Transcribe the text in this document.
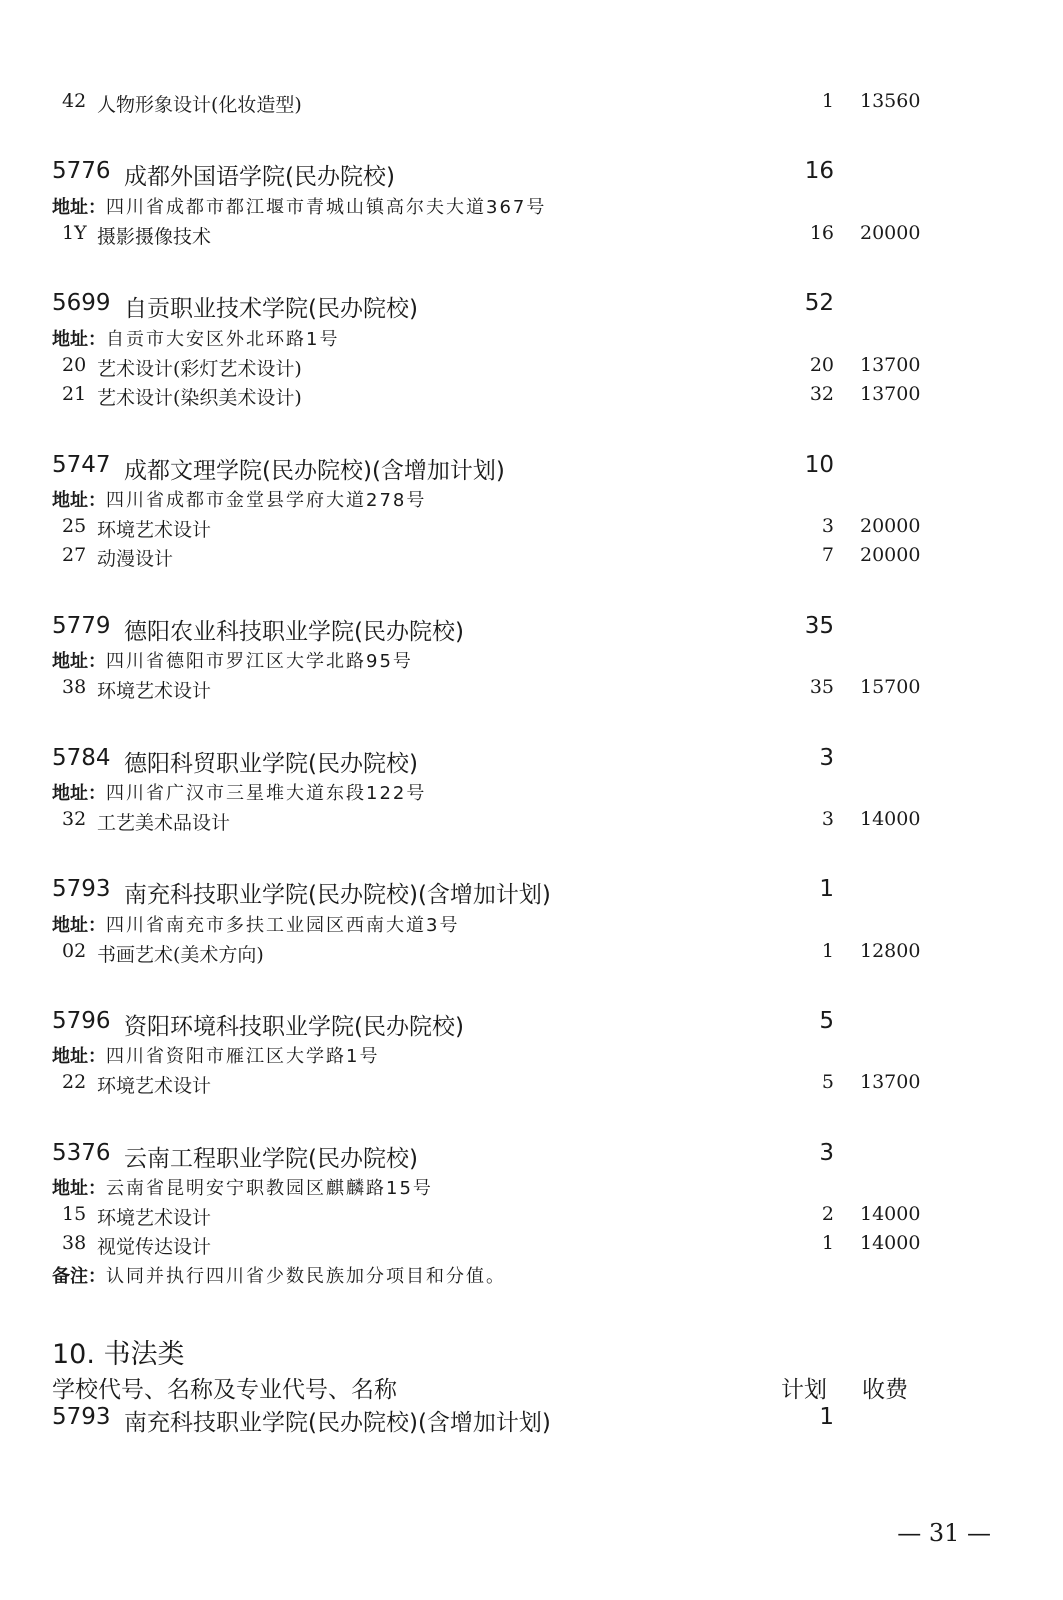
42 人物形象设计(化妆造型)	1 13560
5776 成都外国语学院(民办院校)	16
地址：四川省成都市都江堰市青城山镇高尔夫大道367号
1Y 摄影摄像技术	16 20000
5699 自贡职业技术学院(民办院校)	52
地址：自贡市大安区外北环路1号
20 艺术设计(彩灯艺术设计)	20 13700
21 艺术设计(染织美术设计)	32 13700
5747 成都文理学院(民办院校)(含增加计划)	10
地址：四川省成都市金堂县学府大道278号
25 环境艺术设计	3 20000
27 动漫设计	7 20000
5779 德阳农业科技职业学院(民办院校)	35
地址：四川省德阳市罗江区大学北路95号
38 环境艺术设计	35 15700
5784 德阳科贸职业学院(民办院校)	3
地址：四川省广汉市三星堆大道东段122号
32 工艺美术品设计	3 14000
5793 南充科技职业学院(民办院校)(含增加计划)	1
地址：四川省南充市多扶工业园区西南大道3号
02 书画艺术(美术方向)	1 12800
5796 资阳环境科技职业学院(民办院校)	5
地址：四川省资阳市雁江区大学路1号
22 环境艺术设计	5 13700
5376 云南工程职业学院(民办院校)	3
地址：云南省昆明安宁职教园区麒麟路15号
15 环境艺术设计	2 14000
38 视觉传达设计	1 14000
备注：认同并执行四川省少数民族加分项目和分值。
10. 书法类
学校代号、名称及专业代号、名称	计划 收费
5793 南充科技职业学院(民办院校)(含增加计划)	1
— 31 —
